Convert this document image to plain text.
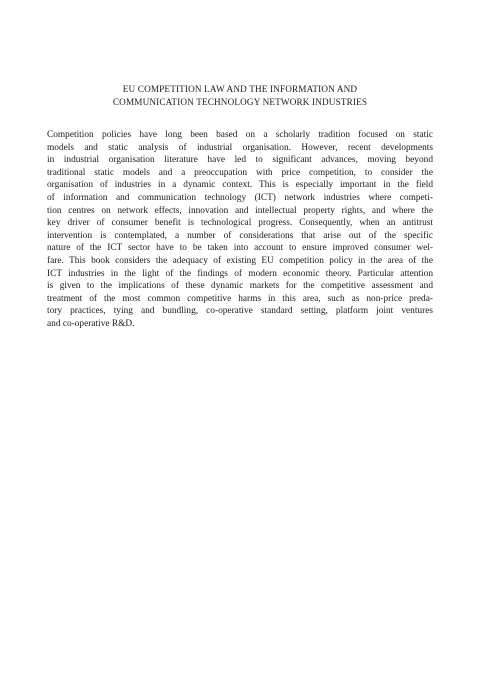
EU COMPETITION LAW AND THE INFORMATION AND
COMMUNICATION TECHNOLOGY NETWORK INDUSTRIES
Competition policies have long been based on a scholarly tradition focused on static
models and static analysis of industrial organisation. However, recent developments
in industrial organisation literature have led to significant advances, moving beyond
traditional static models and a preoccupation with price competition, to consider the
organisation of industries in a dynamic context. This is especially important in the field
of information and communication technology (ICT) network industries where competi-
tion centres on network effects, innovation and intellectual property rights, and where the
key driver of consumer benefit is technological progress. Consequently, when an antitrust
intervention is contemplated, a number of considerations that arise out of the specific
nature of the ICT sector have to be taken into account to ensure improved consumer wel-
fare. This book considers the adequacy of existing EU competition policy in the area of the
ICT industries in the light of the findings of modern economic theory. Particular attention
is given to the implications of these dynamic markets for the competitive assessment and
treatment of the most common competitive harms in this area, such as non-price preda-
tory practices, tying and bundling, co-operative standard setting, platform joint ventures
and co-operative R&D.
